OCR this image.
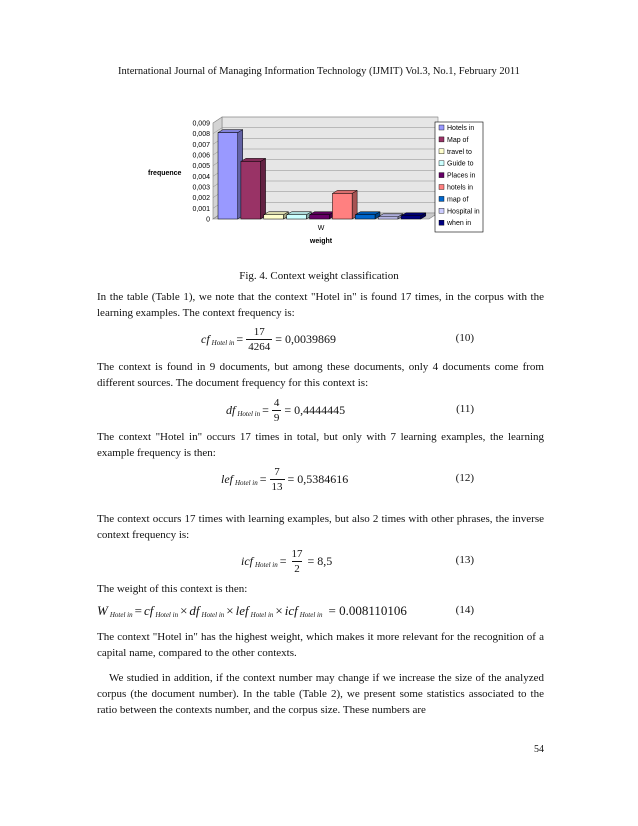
International Journal of Managing Information Technology (IJMIT) Vol.3, No.1, February 2011
0
0,001
0,002
0,003
0,004
0,005
0,006
0,007
0,008
0,009
W
weight
frequence
Hotels in
Map of
travel to
Guide to
Places in
hotels in
map of
Hospital in
when in
Fig. 4. Context weight classification
In the table (Table 1), we note that the context "Hotel in" is found 17 times, in the corpus with the learning examples. The context frequency is:
cf Hotel in = $\frac{17}{4264} = 0,0039869$	(10)
The context is found in 9 documents, but among these documents, only 4 documents come from different sources. The document frequency for this context is:
df Hotel in = $\frac{4}{9} = 0,4444445$	(11)
The context "Hotel in" occurs 17 times in total, but only with 7 learning examples, the learning example frequency is then:
lef Hotel in = $\frac{7}{13} = 0,5384616$	(12)
The context occurs 17 times with learning examples, but also 2 times with other phrases, the inverse context frequency is:
icf Hotel in = $\frac{17}{2} = 8,5$	(13)
The weight of this context is then:
W Hotel in = cf Hotel in × df Hotel in × lef Hotel in × icf Hotel in = 0.008110106	(14)
The context "Hotel in" has the highest weight, which makes it more relevant for the recognition of a capital name, compared to the other contexts.
We studied in addition, if the context number may change if we increase the size of the analyzed corpus (the document number). In the table (Table 2), we present some statistics associated to the ratio between the contexts number, and the corpus size. These numbers are
54
